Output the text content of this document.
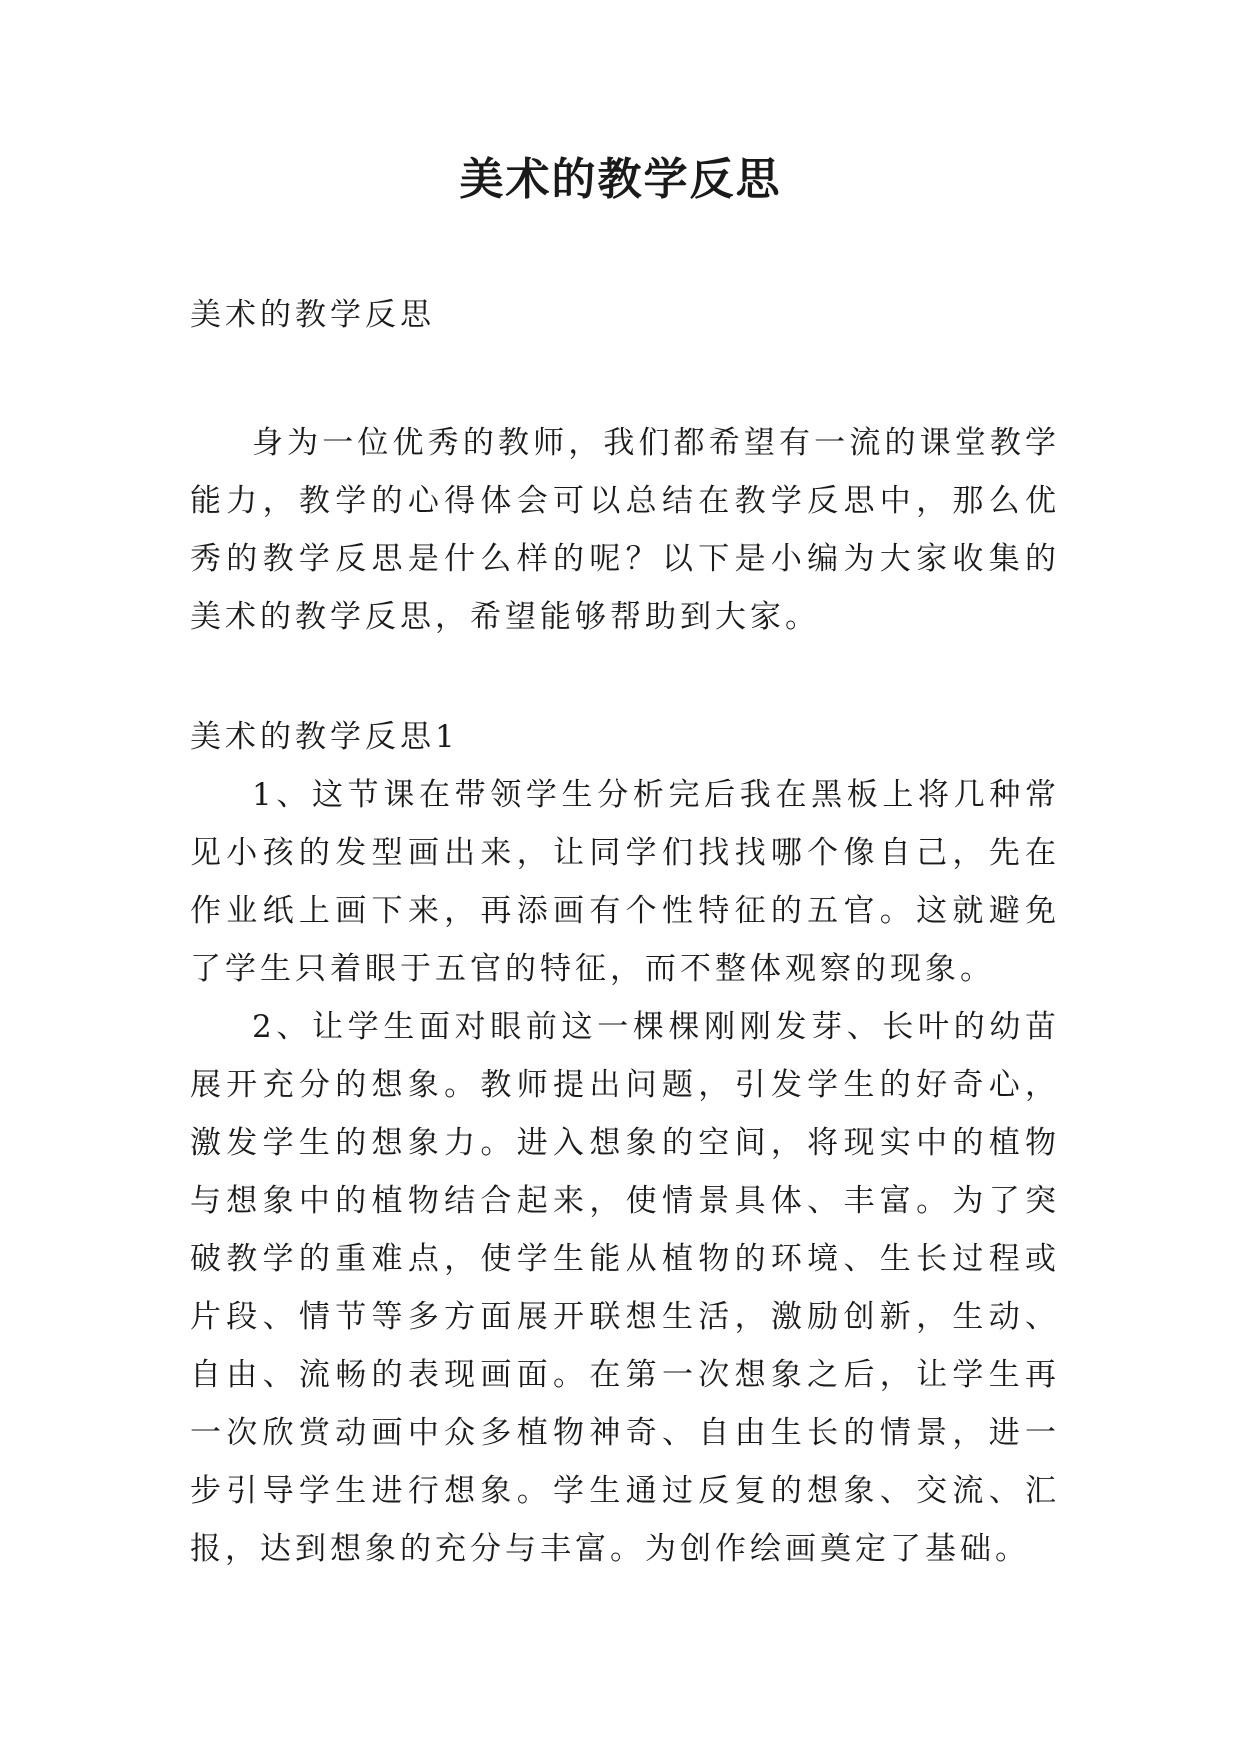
美术的教学反思

美术的教学反思

身为一位优秀的教师，我们都希望有一流的课堂教学能力，教学的心得体会可以总结在教学反思中，那么优秀的教学反思是什么样的呢？以下是小编为大家收集的美术的教学反思，希望能够帮助到大家。

美术的教学反思1

1、这节课在带领学生分析完后我在黑板上将几种常见小孩的发型画出来，让同学们找找哪个像自己，先在作业纸上画下来，再添画有个性特征的五官。这就避免了学生只着眼于五官的特征，而不整体观察的现象。

2、让学生面对眼前这一棵棵刚刚发芽、长叶的幼苗展开充分的想象。教师提出问题，引发学生的好奇心，激发学生的想象力。进入想象的空间，将现实中的植物与想象中的植物结合起来，使情景具体、丰富。为了突破教学的重难点，使学生能从植物的环境、生长过程或片段、情节等多方面展开联想生活，激励创新，生动、自由、流畅的表现画面。在第一次想象之后，让学生再一次欣赏动画中众多植物神奇、自由生长的情景，进一步引导学生进行想象。学生通过反复的想象、交流、汇报，达到想象的充分与丰富。为创作绘画奠定了基础。
